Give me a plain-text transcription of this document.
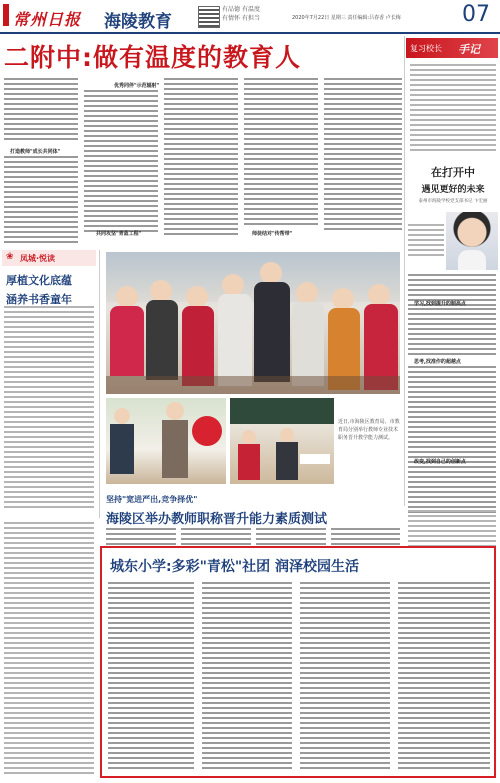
常州日报 海陵教育
有品德 有温度
有情怀 有担当	2020年7月22日 星期三 责任编辑:吕春香 卢长梅	07
二附中:做有温度的教育人	复习校长 手记
在打开中
遇见更好的未来
泰州市海陵学校党支部书记 卞宏丽
学习,找到提升的制高点
思考,找准作的超越点
改变,找到自己的创新点
打造教师"成长共同体"
优秀同伴"示范辐射"
共同攻坚"青蓝工程"	师徒结对"传帮带"
❀ 凤城·悦读
厚植文化底蕴
涵养书香童年
近日,市海陵区教育局、市教育局分别举行教师专业技术职务晋升教学能力测试。
坚持"宽进严出,竞争择优"
海陵区举办教师职称晋升能力素质测试
城东小学:多彩"青松"社团 润泽校园生活
